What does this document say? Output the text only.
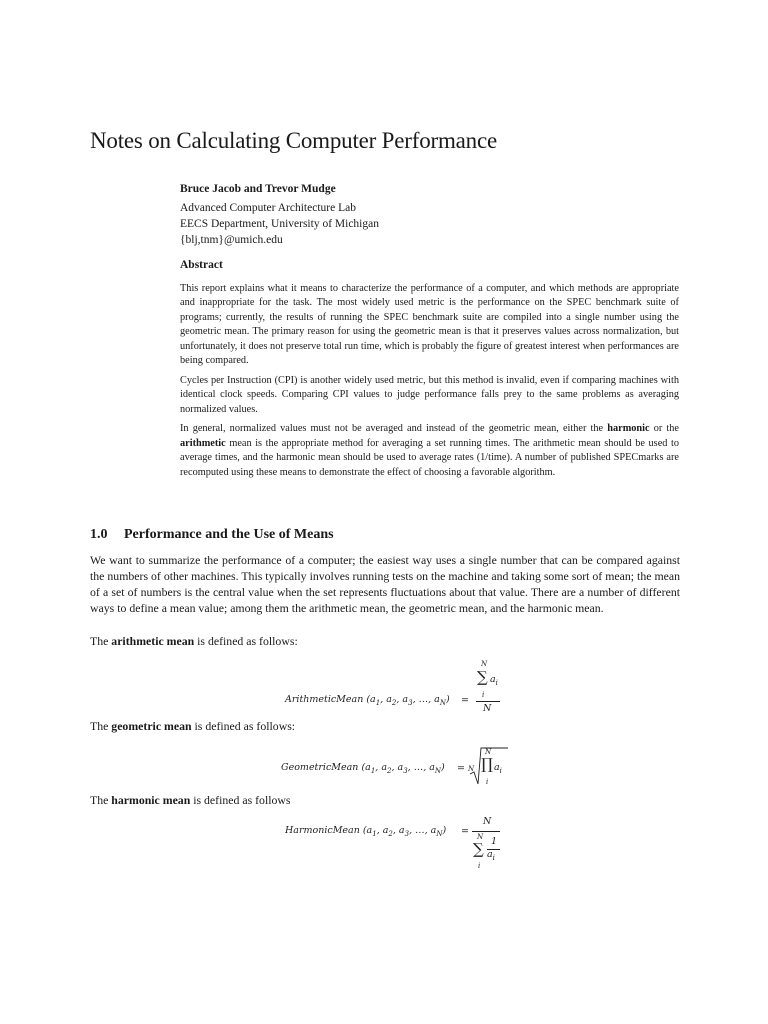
Notes on Calculating Computer Performance
Bruce Jacob and Trevor Mudge
Advanced Computer Architecture Lab
EECS Department, University of Michigan
{blj,tnm}@umich.edu
Abstract

This report explains what it means to characterize the performance of a computer, and which methods are appropriate and inappropriate for the task. The most widely used metric is the performance on the SPEC benchmark suite of programs; currently, the results of running the SPEC benchmark suite are compiled into a single number using the geometric mean. The primary reason for using the geometric mean is that it preserves values across normalization, but unfortunately, it does not preserve total run time, which is probably the figure of greatest interest when performances are being compared.

Cycles per Instruction (CPI) is another widely used metric, but this method is invalid, even if comparing machines with identical clock speeds. Comparing CPI values to judge performance falls prey to the same problems as averaging normalized values.

In general, normalized values must not be averaged and instead of the geometric mean, either the harmonic or the arithmetic mean is the appropriate method for averaging a set running times. The arithmetic mean should be used to average times, and the harmonic mean should be used to average rates (1/time). A number of published SPECmarks are recomputed using these means to demonstrate the effect of choosing a favorable algorithm.

1.0 Performance and the Use of Means

We want to summarize the performance of a computer; the easiest way uses a single number that can be compared against the numbers of other machines. This typically involves running tests on the machine and taking some sort of mean; the mean of a set of numbers is the central value when the set represents fluctuations about that value. There are a number of different ways to define a mean value; among them the arithmetic mean, the geometric mean, and the harmonic mean.

The arithmetic mean is defined as follows:
ArithmeticMean ($a_1$, $a_2$, $a_3$, …, $a_N$) =
N
∑ $a_i$
i
N
The geometric mean is defined as follows:
GeometricMean ($a_1$, $a_2$, $a_3$, …, $a_N) = N$
N
∏ $a_i$
i
The harmonic mean is defined as follows
HarmonicMean ($a_1$, $a_2$, $a_3$, …, $a_N$) =
N
N
∑ 1
$a_i$
i
